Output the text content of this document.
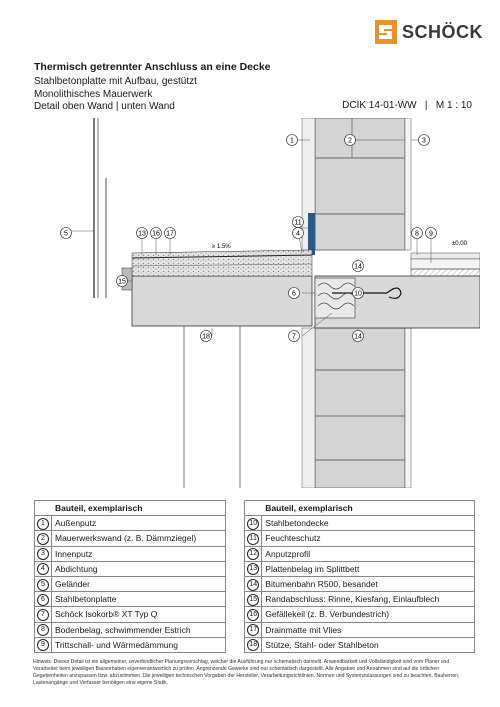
SCHÖCK

Thermisch getrennter Anschluss an eine Decke

Stahlbetonplatte mit Aufbau, gestützt

Monolithisches Mauerwerk

Detail oben Wand | unten Wand	DCIK 14-01-WW   |   M 1 : 10
1	2	3
11
4
5	13 16 17	8 9
14
15
6	10
18	7	14
≥ 1.5%	±0.00
Bauteil, exemplarisch			Bauteil, exemplarisch	
1	Außenputz		10	Stahlbetondecke
2	Mauerwerkswand (z. B. Dämmziegel)		11	Feuchteschutz
3	Innenputz		12	Anputzprofil
4	Abdichtung		13	Plattenbelag im Splittbett
5	Geländer		14	Bitumenbahn R500, besandet
6	Stahlbetonplatte		15	Randabschluss: Rinne, Kiesfang, Einlaufblech
7	Schöck Isokorb® XT Typ Q		16	Gefällekeil (z. B. Verbundestrich)
8	Bodenbelag, schwimmender Estrich		17	Drainmatte mit Vlies
9	Trittschall- und Wärmedämmung		18	Stütze, Stahl- oder Stahlbeton
Hinweis: Dieses Detail ist ein allgemeiner, unverbindlicher Planungsvorschlag, welcher die Ausführung nur schematisch darstellt. Anwendbarkeit und Vollständigkeit sind vom Planer und Verarbeiter beim jeweiligen Bauvorhaben eigenverantwortlich zu prüfen. Angrenzende Gewerke sind nur schematisch dargestellt. Alle Angaben und Annahmen sind auf die örtlichen Gegebenheiten anzupassen bzw. abzustimmen. Die jeweiligen technischen Vorgaben der Hersteller, Verarbeitungsrichtlinien, Normen und Systemzulassungen sind zu beachten. Bauherren, Lastenangänge und Verfasser benötigen eine eigene Statik.
